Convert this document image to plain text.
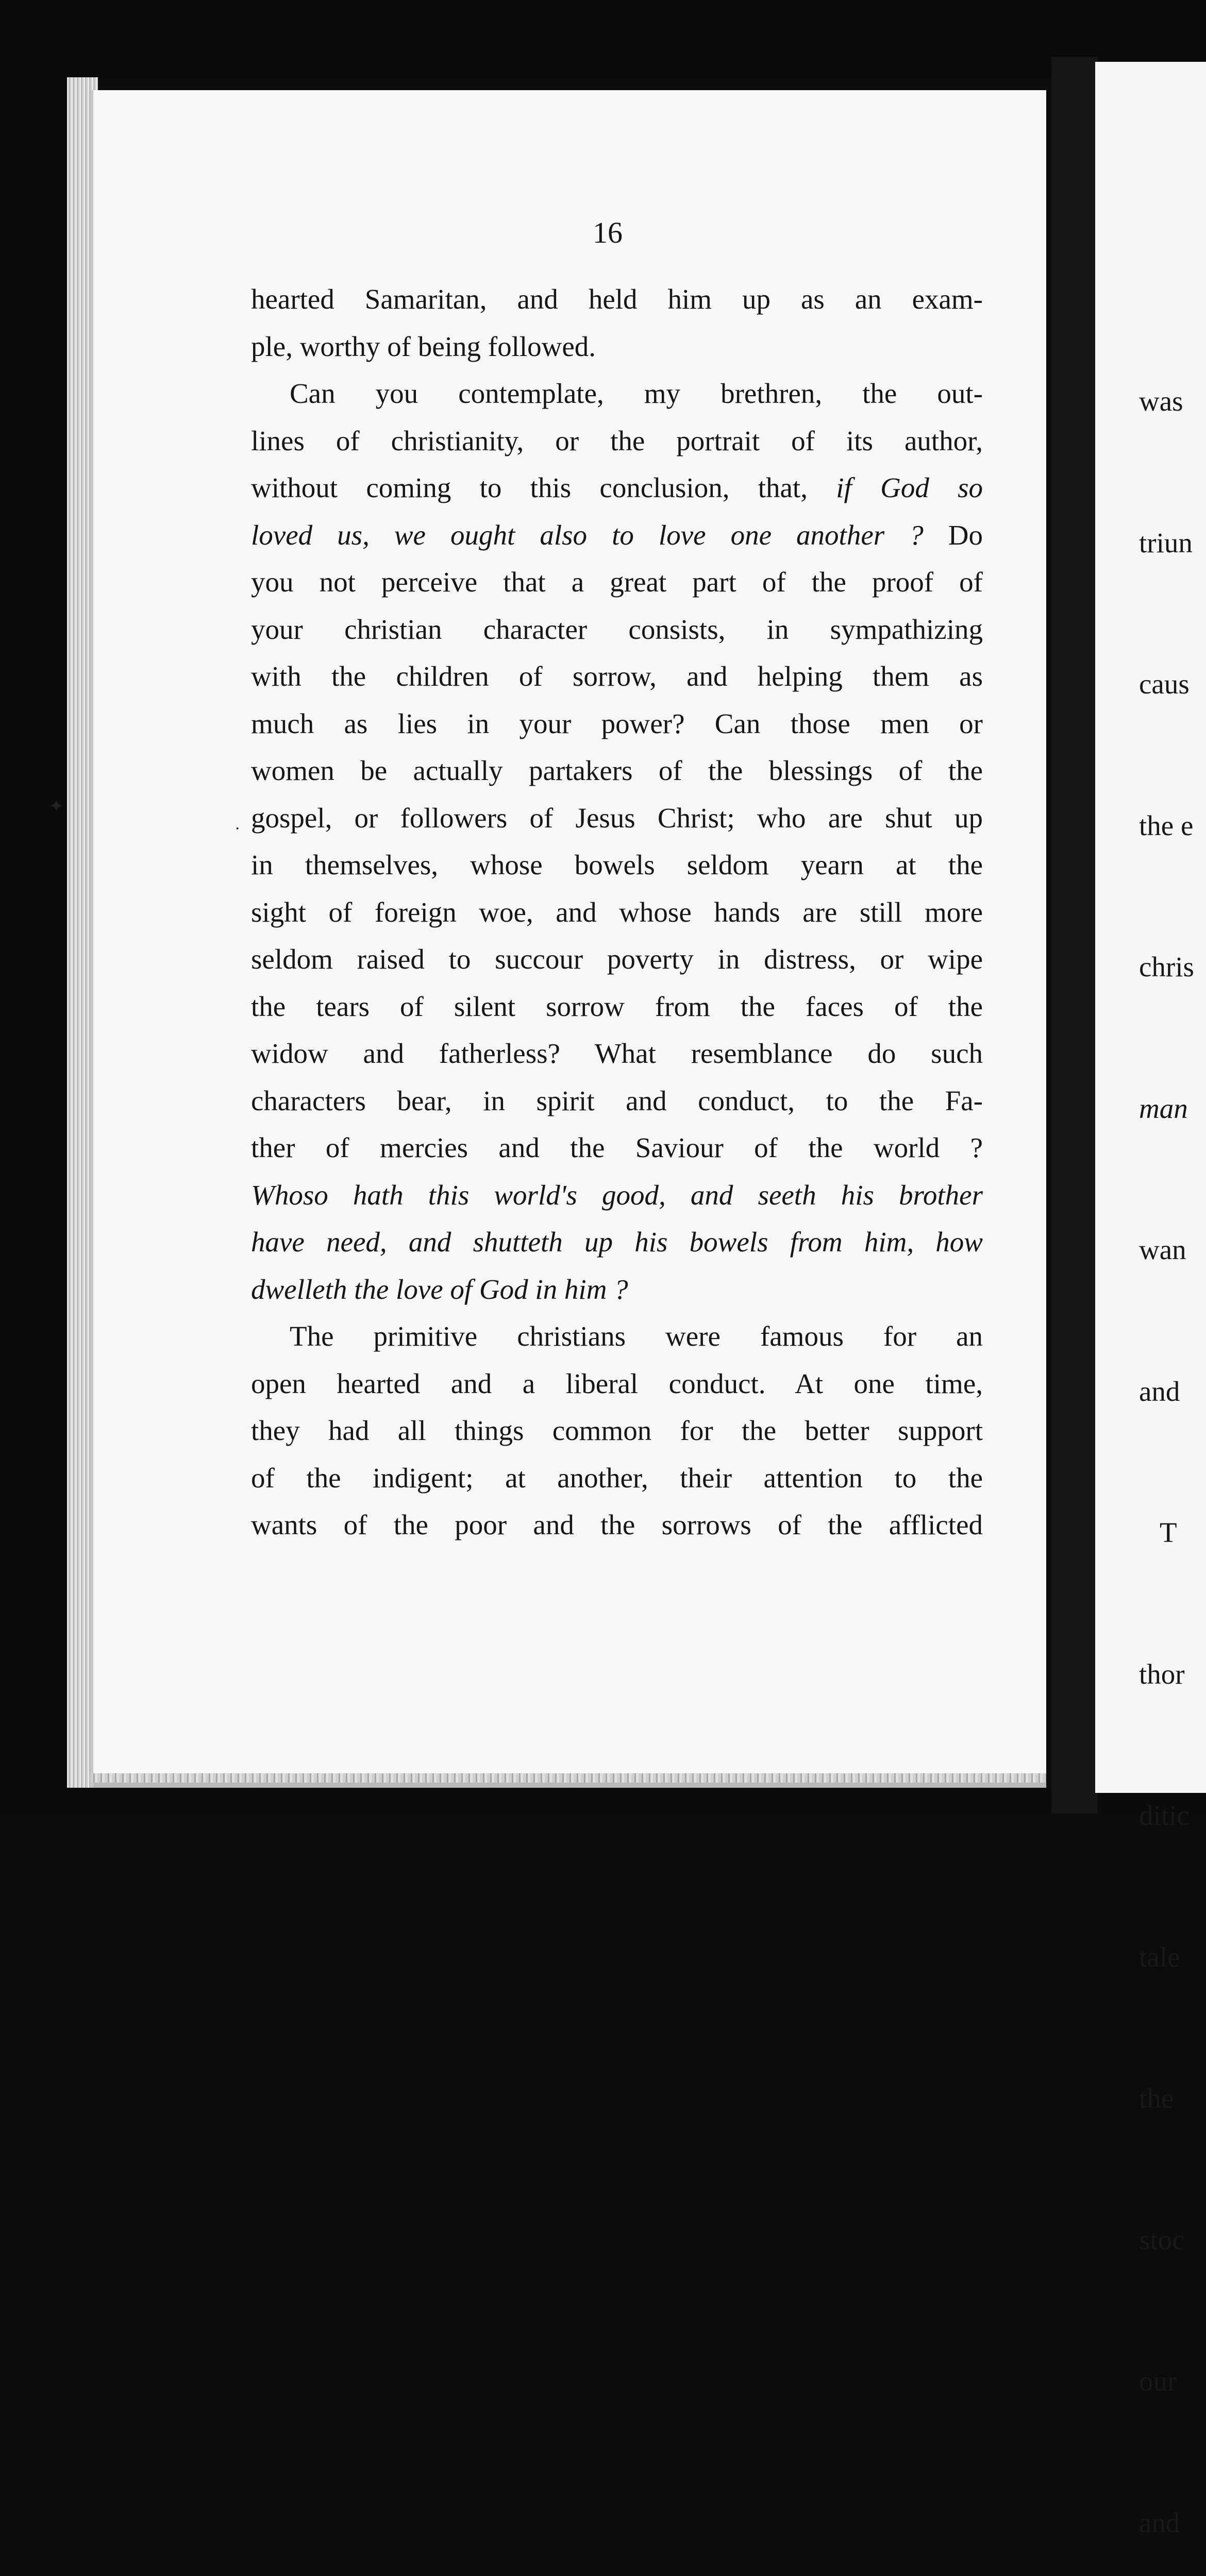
16
hearted Samaritan, and held him up as an exam-
ple, worthy of being followed.
Can you contemplate, my brethren, the out-
lines of christianity, or the portrait of its author,
without coming to this conclusion, that, if God so
loved us, we ought also to love one another ? Do
you not perceive that a great part of the proof of
your christian character consists, in sympathizing
with the children of sorrow, and helping them as
much as lies in your power? Can those men or
women be actually partakers of the blessings of the
gospel, or followers of Jesus Christ; who are shut up
in themselves, whose bowels seldom yearn at the
sight of foreign woe, and whose hands are still more
seldom raised to succour poverty in distress, or wipe
the tears of silent sorrow from the faces of the
widow and fatherless? What resemblance do such
characters bear, in spirit and conduct, to the Fa-
ther of mercies and the Saviour of the world ?
Whoso hath this world's good, and seeth his brother
have need, and shutteth up his bowels from him, how
dwelleth the love of God in him ?
The primitive christians were famous for an
open hearted and a liberal conduct. At one time,
they had all things common for the better support
of the indigent; at another, their attention to the
wants of the poor and the sorrows of the afflicted
✦
·

was

triun

caus

the e

chris

man

wan

and

T

thor

ditic

tale

the

stoc

our

and
